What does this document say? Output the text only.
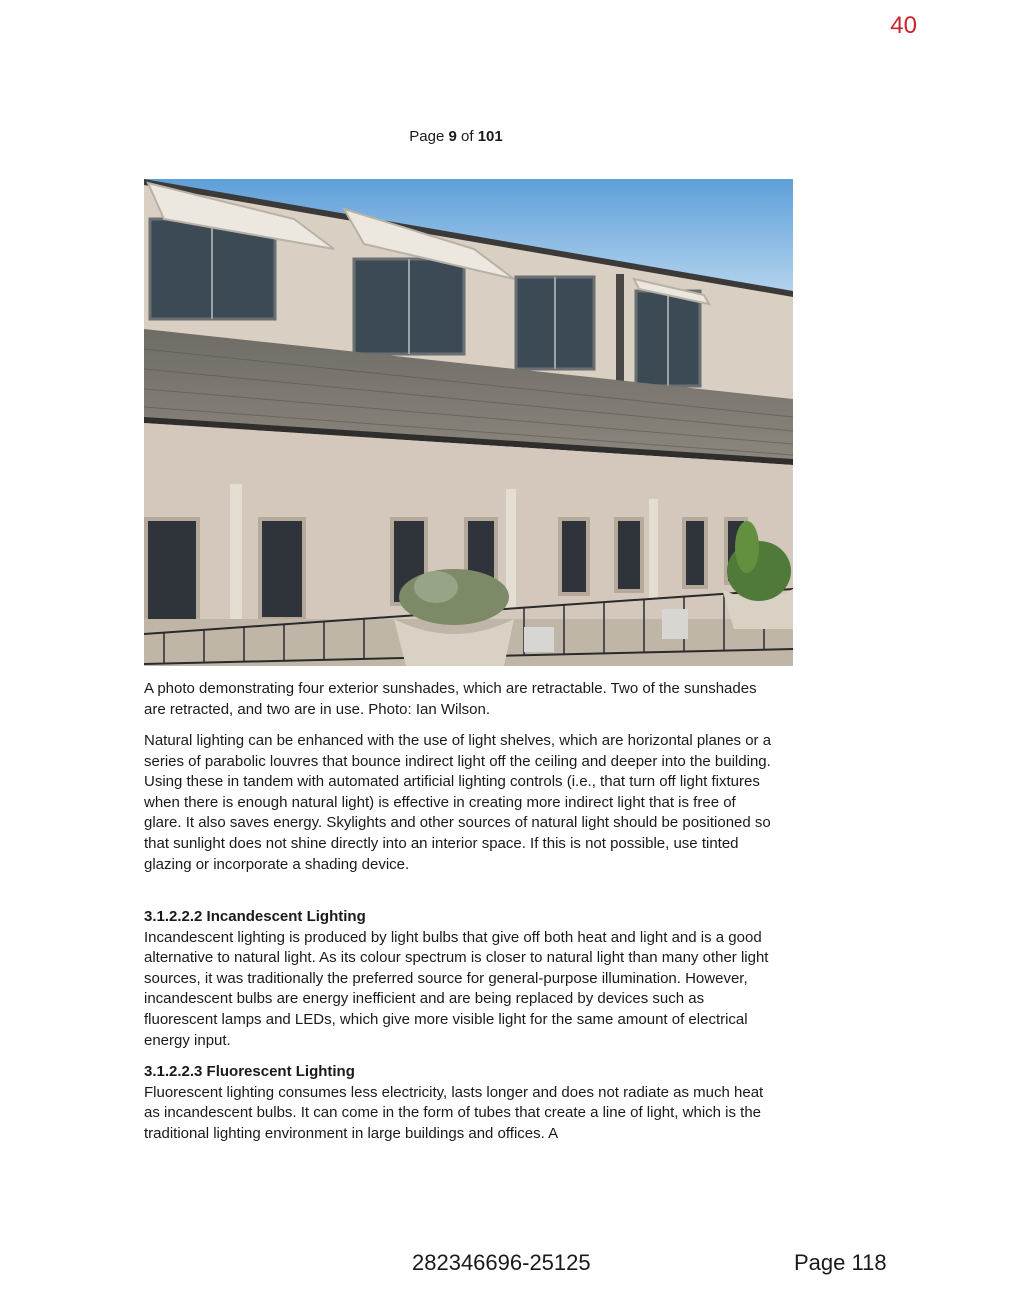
40
Page 9 of 101

A photo demonstrating four exterior sunshades, which are retractable. Two of the sunshades are retracted, and two are in use. Photo: Ian Wilson.

Natural lighting can be enhanced with the use of light shelves, which are horizontal planes or a series of parabolic louvres that bounce indirect light off the ceiling and deeper into the building. Using these in tandem with automated artificial lighting controls (i.e., that turn off light fixtures when there is enough natural light) is effective in creating more indirect light that is free of glare. It also saves energy. Skylights and other sources of natural light should be positioned so that sunlight does not shine directly into an interior space. If this is not possible, use tinted glazing or incorporate a shading device.

3.1.2.2.2 Incandescent Lighting

Incandescent lighting is produced by light bulbs that give off both heat and light and is a good alternative to natural light. As its colour spectrum is closer to natural light than many other light sources, it was traditionally the preferred source for general-purpose illumination. However, incandescent bulbs are energy inefficient and are being replaced by devices such as fluorescent lamps and LEDs, which give more visible light for the same amount of electrical energy input.

3.1.2.2.3 Fluorescent Lighting

Fluorescent lighting consumes less electricity, lasts longer and does not radiate as much heat as incandescent bulbs. It can come in the form of tubes that create a line of light, which is the traditional lighting environment in large buildings and offices. A

282346696-25125	Page 118
